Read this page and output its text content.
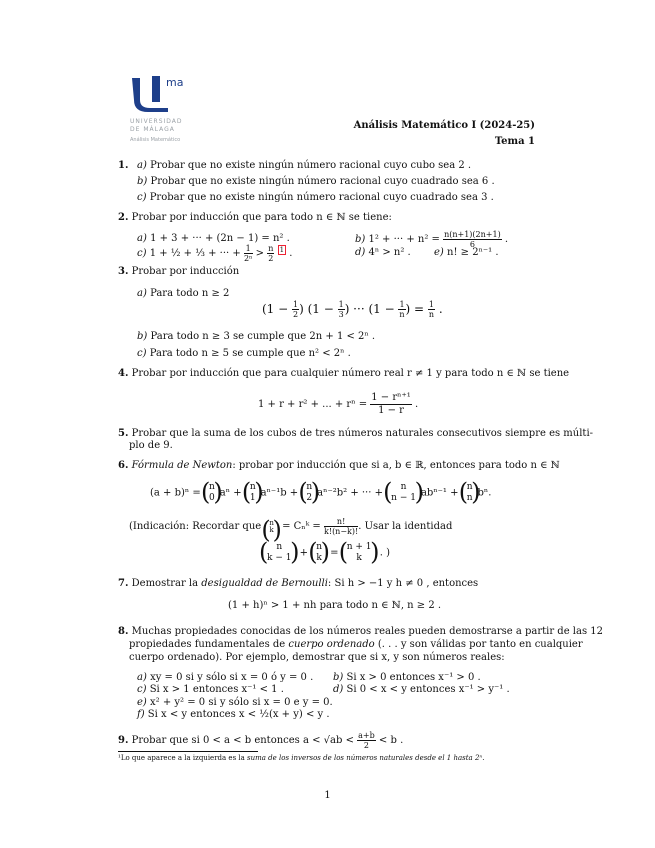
ma
UNIVERSIDAD
DE MÁLAGA
Análisis Matemático
Análisis Matemático I (2024-25)
Tema 1
1. a) Probar que no existe ningún número racional cuyo cubo sea 2 .
b) Probar que no existe ningún número racional cuyo cuadrado sea 6 .
c) Probar que no existe ningún número racional cuyo cuadrado sea 3 .
2. Probar por inducción que para todo n ∈ ℕ se tiene:
a) 1 + 3 + ··· + (2n − 1) = n² .	b) 1² + ··· + $n^2 = \frac{n(n+1)(2n+1)}{6}$ .
c) 1 + ½ + ⅓ + ··· + $\frac{1}{\text{2ⁿ}} > \frac{n}{2} ^1$ .	d) 4ⁿ > n² . e) n! ≥ 2ⁿ⁻¹ .
3. Probar por inducción
a) Para todo n ≥ 2
($1 - \frac{1}{2}$ ) ($1 - \frac{1}{3}$ ) ··· ($1 - \frac{1}{n}$ ) = $\frac{1}{n}$ .
b) Para todo n ≥ 3 se cumple que 2n + 1 < 2ⁿ .
c) Para todo n ≥ 5 se cumple que n² < 2ⁿ .
4. Probar por inducción que para cualquier número real r ≠ 1 y para todo n ∈ ℕ se tiene
1 + r + r² + ... + $r^n = \frac{\text{1 − rⁿ⁺¹}}{1 - r}$ .
5. Probar que la suma de los cubos de tres números naturales consecutivos siempre es múlti-
plo de 9.
6. Fórmula de Newton: probar por inducción que si a, b ∈ ℝ, entonces para todo n ∈ ℕ
(a + b)ⁿ =
( n
0
) aⁿ +
( n
1
) aⁿ⁻¹b +
( n
2
) aⁿ⁻²b² + ··· +
( n
n − 1
) abⁿ⁻¹ +
( n
n
) bⁿ.
(Indicación: Recordar que
( n
k
) = Cₙᵏ = $\frac{n!}{k!(n-k)!}$ . Usar la identidad
( n
k − 1
) +
( n
k
) =
( n + 1
k
)	. )
7. Demostrar la desigualdad de Bernoulli: Si h > −1 y h ≠ 0 , entonces
(1 + h)ⁿ > 1 + nh para todo n ∈ ℕ, n ≥ 2 .
8. Muchas propiedades conocidas de los números reales pueden demostrarse a partir de las 12
propiedades fundamentales de cuerpo ordenado (. . . y son válidas por tanto en cualquier
cuerpo ordenado). Por ejemplo, demostrar que si x, y son números reales:
a) xy = 0 si y sólo si x = 0 ó y = 0 . b) Si x > 0 entonces x⁻¹ > 0 .
c) Si x > 1 entonces x⁻¹ < 1 .	d) Si 0 < x < y entonces x⁻¹ > y⁻¹ .
e) x² + y² = 0 si y sólo si x = 0 e y = 0.
f) Si x < y entonces x < ½(x + y) < y .
9. Probar que si 0 < a < b entonces $a < √ab < \frac{a+b}{2} < b$ .
¹Lo que aparece a la izquierda es la suma de los inversos de los números naturales desde el 1 hasta 2ⁿ.
1
